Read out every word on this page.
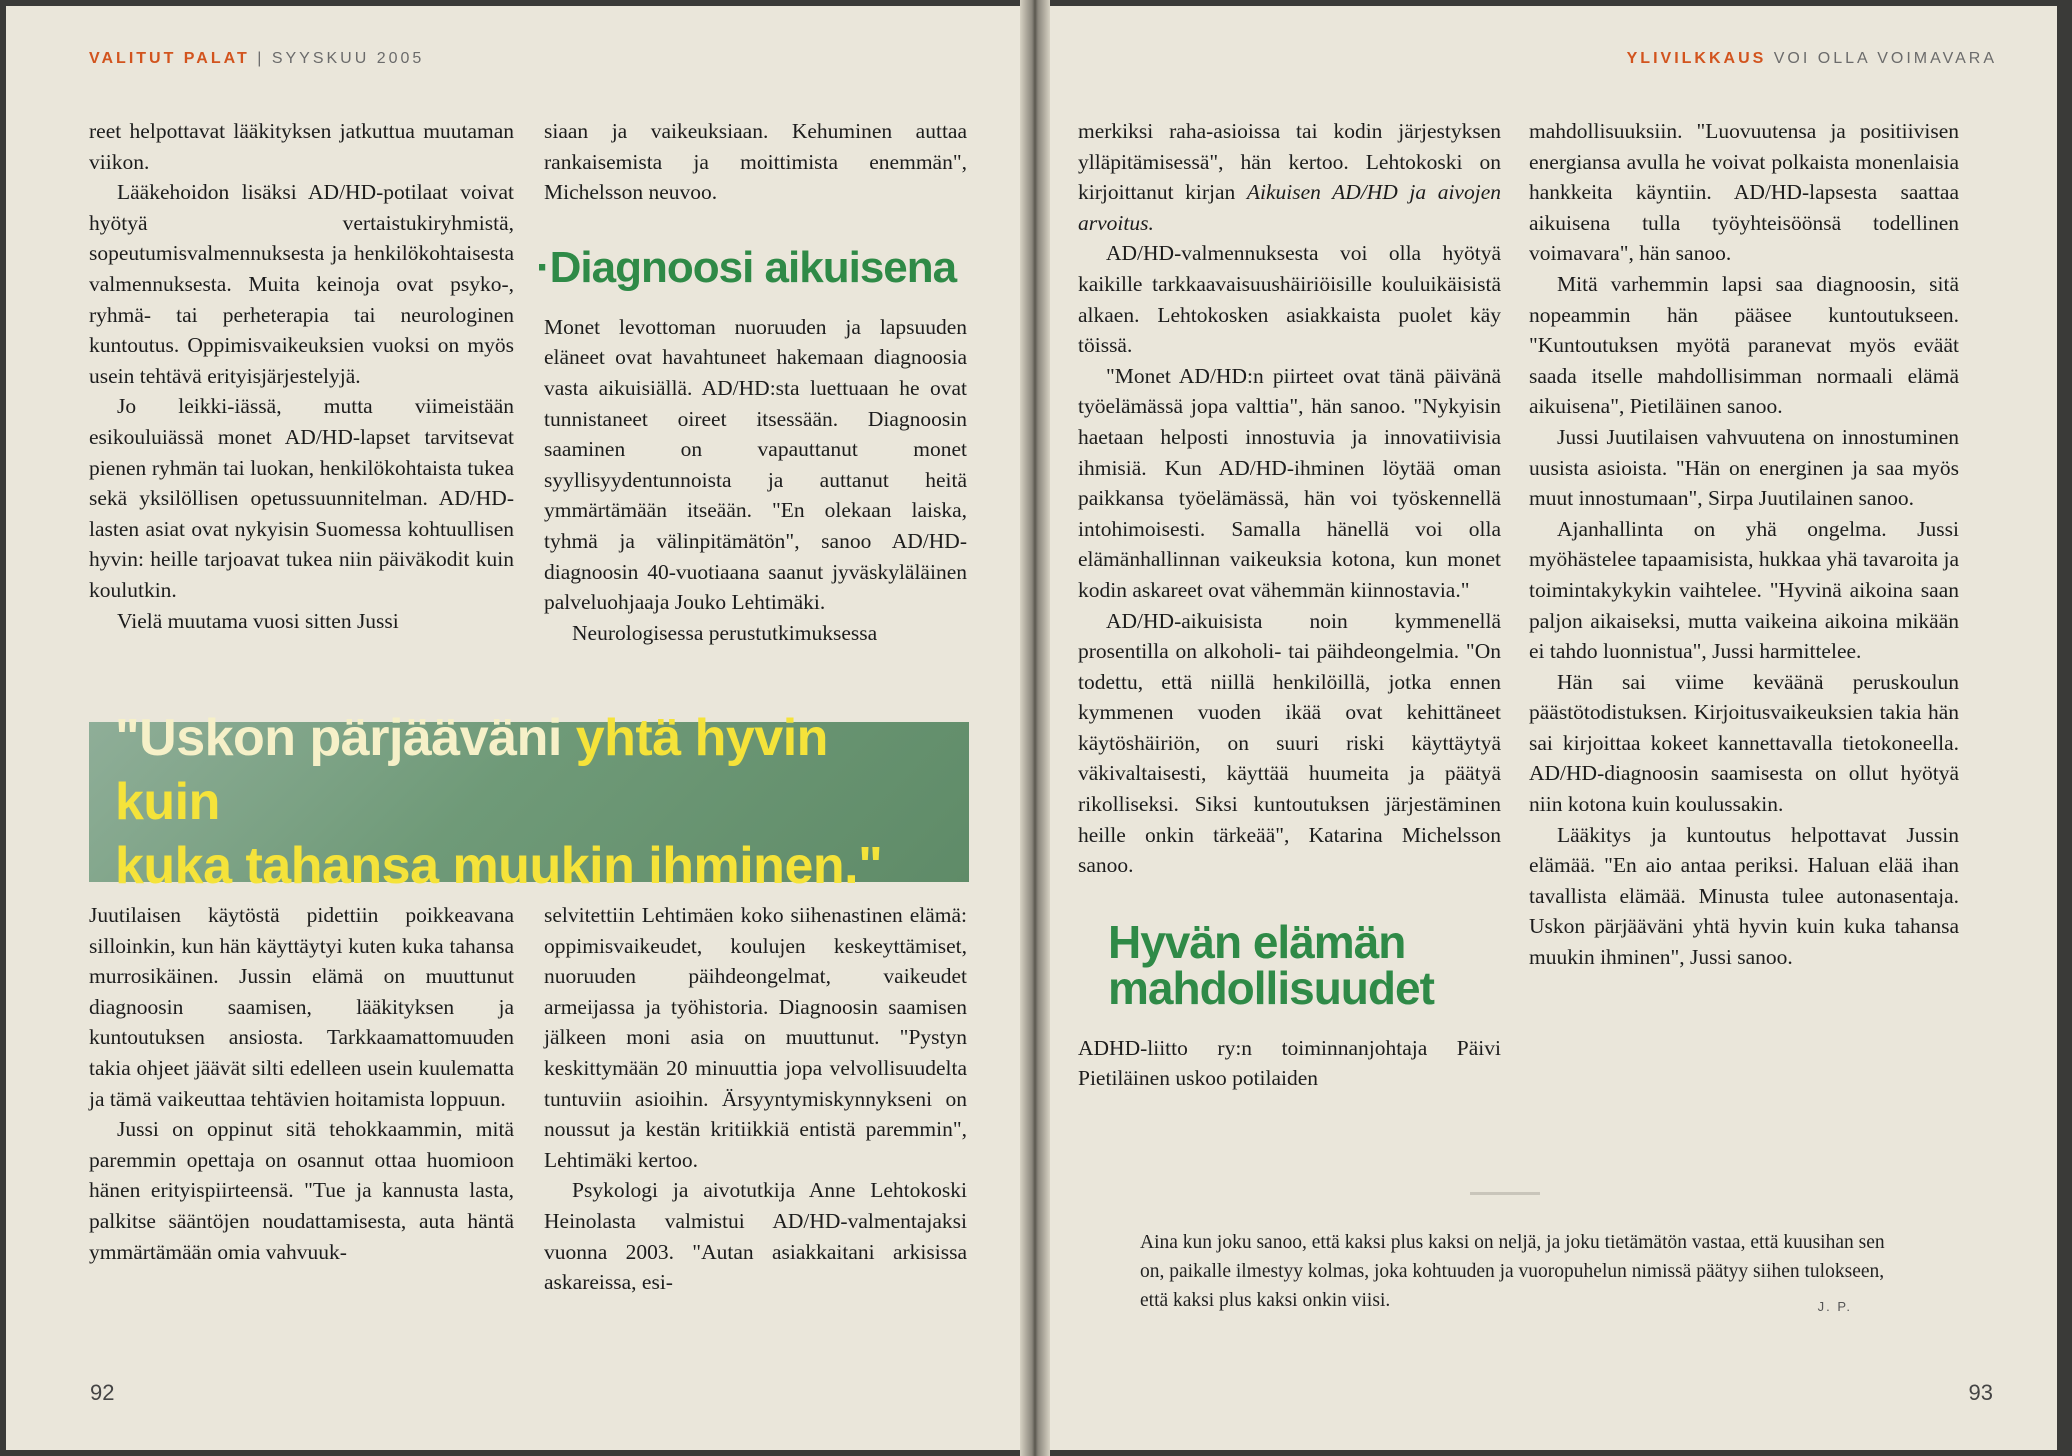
VALITUT PALAT | SYYSKUU 2005

reet helpottavat lääkityksen jatkuttua muutaman viikon.

Lääkehoidon lisäksi AD/HD-potilaat voivat hyötyä vertaistukiryhmistä, sopeutumisvalmennuksesta ja henkilökohtaisesta valmennuksesta. Muita keinoja ovat psyko-, ryhmä- tai perheterapia tai neurologinen kuntoutus. Oppimisvaikeuksien vuoksi on myös usein tehtävä erityisjärjestelyjä.

Jo leikki-iässä, mutta viimeistään esikouluiässä monet AD/HD-lapset tarvitsevat pienen ryhmän tai luokan, henkilökohtaista tukea sekä yksilöllisen opetussuunnitelman. AD/HD-lasten asiat ovat nykyisin Suomessa kohtuullisen hyvin: heille tarjoavat tukea niin päiväkodit kuin koulutkin.

Vielä muutama vuosi sitten Jussi

siaan ja vaikeuksiaan. Kehuminen auttaa rankaisemista ja moittimista enemmän", Michelsson neuvoo.

·Diagnoosi aikuisena

Monet levottoman nuoruuden ja lapsuuden eläneet ovat havahtuneet hakemaan diagnoosia vasta aikuisiällä. AD/HD:sta luettuaan he ovat tunnistaneet oireet itsessään. Diagnoosin saaminen on vapauttanut monet syyllisyydentunnoista ja auttanut heitä ymmärtämään itseään. "En olekaan laiska, tyhmä ja välinpitämätön", sanoo AD/HD-diagnoosin 40-vuotiaana saanut jyväskyläläinen palveluohjaaja Jouko Lehtimäki.

Neurologisessa perustutkimuksessa

"Uskon pärjääväni yhtä hyvin kuin
kuka tahansa muukin ihminen."

Juutilaisen käytöstä pidettiin poikkeavana silloinkin, kun hän käyttäytyi kuten kuka tahansa murrosikäinen. Jussin elämä on muuttunut diagnoosin saamisen, lääkityksen ja kuntoutuksen ansiosta. Tarkkaamattomuuden takia ohjeet jäävät silti edelleen usein kuulematta ja tämä vaikeuttaa tehtävien hoitamista loppuun.

Jussi on oppinut sitä tehokkaammin, mitä paremmin opettaja on osannut ottaa huomioon hänen erityispiirteensä. "Tue ja kannusta lasta, palkitse sääntöjen noudattamisesta, auta häntä ymmärtämään omia vahvuuk-

selvitettiin Lehtimäen koko siihenastinen elämä: oppimisvaikeudet, koulujen keskeyttämiset, nuoruuden päihdeongelmat, vaikeudet armeijassa ja työhistoria. Diagnoosin saamisen jälkeen moni asia on muuttunut. "Pystyn keskittymään 20 minuuttia jopa velvollisuudelta tuntuviin asioihin. Ärsyyntymiskynnykseni on noussut ja kestän kritiikkiä entistä paremmin", Lehtimäki kertoo.

Psykologi ja aivotutkija Anne Lehtokoski Heinolasta valmistui AD/HD-valmentajaksi vuonna 2003. "Autan asiakkaitani arkisissa askareissa, esi-

92
YLIVILKKAUS VOI OLLA VOIMAVARA

merkiksi raha-asioissa tai kodin järjestyksen ylläpitämisessä", hän kertoo. Lehtokoski on kirjoittanut kirjan Aikuisen AD/HD ja aivojen arvoitus.

AD/HD-valmennuksesta voi olla hyötyä kaikille tarkkaavaisuushäiriöisille kouluikäisistä alkaen. Lehtokosken asiakkaista puolet käy töissä.

"Monet AD/HD:n piirteet ovat tänä päivänä työelämässä jopa valttia", hän sanoo. "Nykyisin haetaan helposti innostuvia ja innovatiivisia ihmisiä. Kun AD/HD-ihminen löytää oman paikkansa työelämässä, hän voi työskennellä intohimoisesti. Samalla hänellä voi olla elämänhallinnan vaikeuksia kotona, kun monet kodin askareet ovat vähemmän kiinnostavia."

AD/HD-aikuisista noin kymmenellä prosentilla on alkoholi- tai päihdeongelmia. "On todettu, että niillä henkilöillä, jotka ennen kymmenen vuoden ikää ovat kehittäneet käytöshäiriön, on suuri riski käyttäytyä väkivaltaisesti, käyttää huumeita ja päätyä rikolliseksi. Siksi kuntoutuksen järjestäminen heille onkin tärkeää", Katarina Michelsson sanoo.

Hyvän elämän
mahdollisuudet

ADHD-liitto ry:n toiminnanjohtaja Päivi Pietiläinen uskoo potilaiden

mahdollisuuksiin. "Luovuutensa ja positiivisen energiansa avulla he voivat polkaista monenlaisia hankkeita käyntiin. AD/HD-lapsesta saattaa aikuisena tulla työyhteisöönsä todellinen voimavara", hän sanoo.

Mitä varhemmin lapsi saa diagnoosin, sitä nopeammin hän pääsee kuntoutukseen. "Kuntoutuksen myötä paranevat myös eväät saada itselle mahdollisimman normaali elämä aikuisena", Pietiläinen sanoo.

Jussi Juutilaisen vahvuutena on innostuminen uusista asioista. "Hän on energinen ja saa myös muut innostumaan", Sirpa Juutilainen sanoo.

Ajanhallinta on yhä ongelma. Jussi myöhästelee tapaamisista, hukkaa yhä tavaroita ja toimintakykykin vaihtelee. "Hyvinä aikoina saan paljon aikaiseksi, mutta vaikeina aikoina mikään ei tahdo luonnistua", Jussi harmittelee.

Hän sai viime keväänä peruskoulun päästötodistuksen. Kirjoitusvaikeuksien takia hän sai kirjoittaa kokeet kannettavalla tietokoneella. AD/HD-diagnoosin saamisesta on ollut hyötyä niin kotona kuin koulussakin.

Lääkitys ja kuntoutus helpottavat Jussin elämää. "En aio antaa periksi. Haluan elää ihan tavallista elämää. Minusta tulee autonasentaja. Uskon pärjääväni yhtä hyvin kuin kuka tahansa muukin ihminen", Jussi sanoo.

93
Aina kun joku sanoo, että kaksi plus kaksi on neljä, ja joku tietämätön vastaa, että kuusihan sen on, paikalle ilmestyy kolmas, joka kohtuuden ja vuoropuhelun nimissä päätyy siihen tulokseen, että kaksi plus kaksi onkin viisi.	J. P.
